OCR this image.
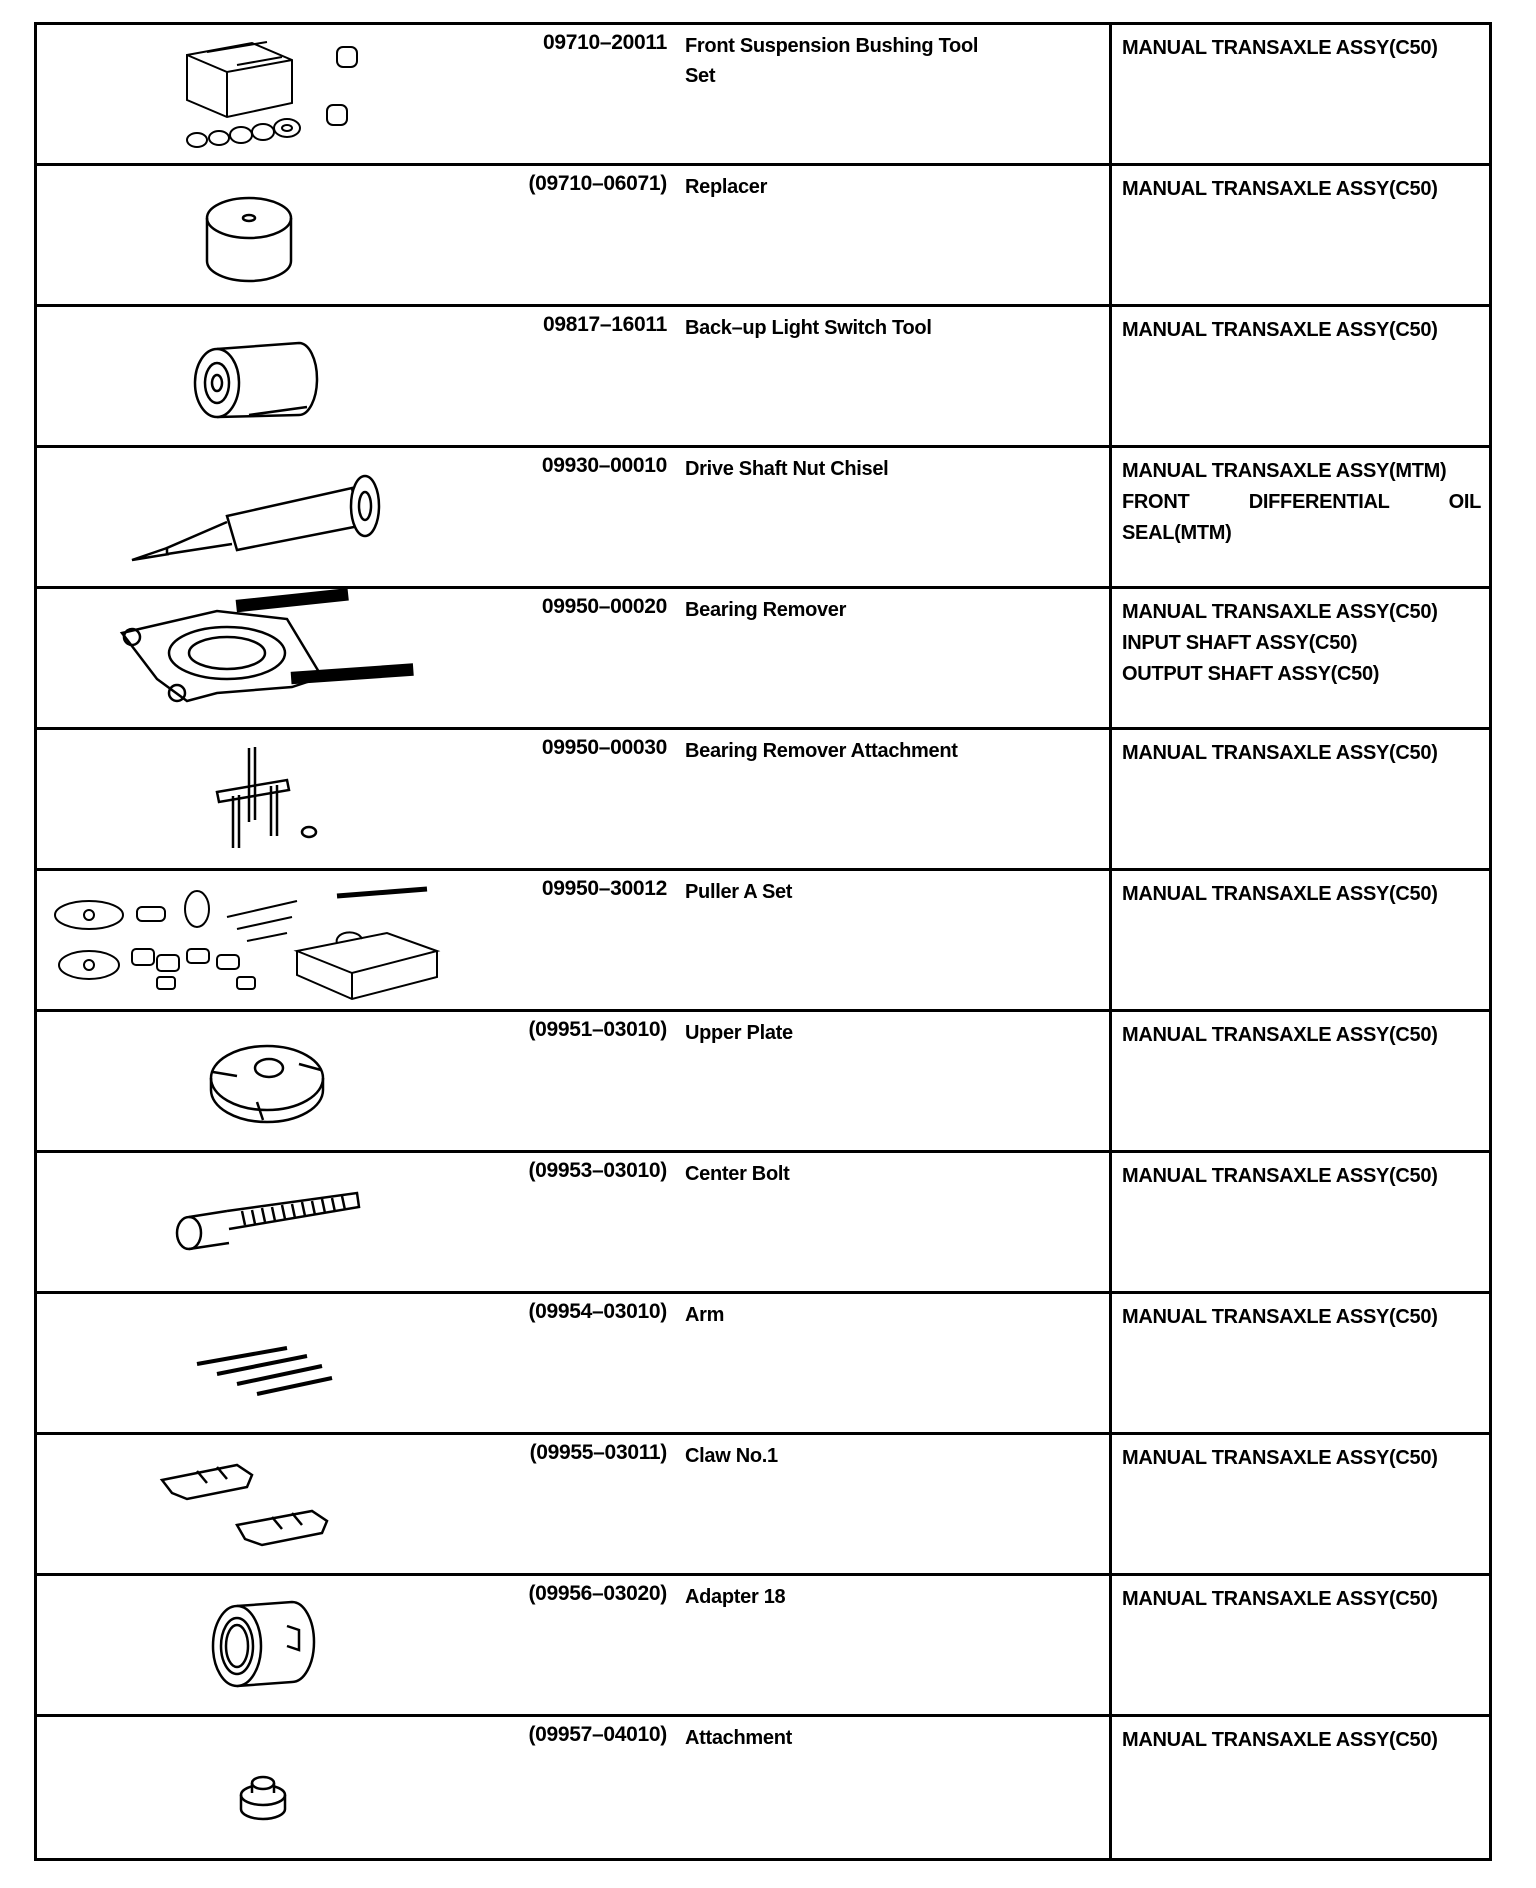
09710–20011 Front Suspension Bushing Tool Set	MANUAL TRANSAXLE ASSY(C50)

(09710–06071) Replacer	MANUAL TRANSAXLE ASSY(C50)

09817–16011 Back–up Light Switch Tool	MANUAL TRANSAXLE ASSY(C50)

09930–00010 Drive Shaft Nut Chisel	MANUAL TRANSAXLE ASSY(MTM)
FRONT DIFFERENTIAL OIL
SEAL(MTM)

09950–00020 Bearing Remover	MANUAL TRANSAXLE ASSY(C50)
INPUT SHAFT ASSY(C50)
OUTPUT SHAFT ASSY(C50)

09950–00030 Bearing Remover Attachment	MANUAL TRANSAXLE ASSY(C50)

09950–30012 Puller A Set	MANUAL TRANSAXLE ASSY(C50)

(09951–03010) Upper Plate	MANUAL TRANSAXLE ASSY(C50)

(09953–03010) Center Bolt	MANUAL TRANSAXLE ASSY(C50)

(09954–03010) Arm	MANUAL TRANSAXLE ASSY(C50)

(09955–03011) Claw No.1	MANUAL TRANSAXLE ASSY(C50)

(09956–03020) Adapter 18	MANUAL TRANSAXLE ASSY(C50)

(09957–04010) Attachment	MANUAL TRANSAXLE ASSY(C50)
